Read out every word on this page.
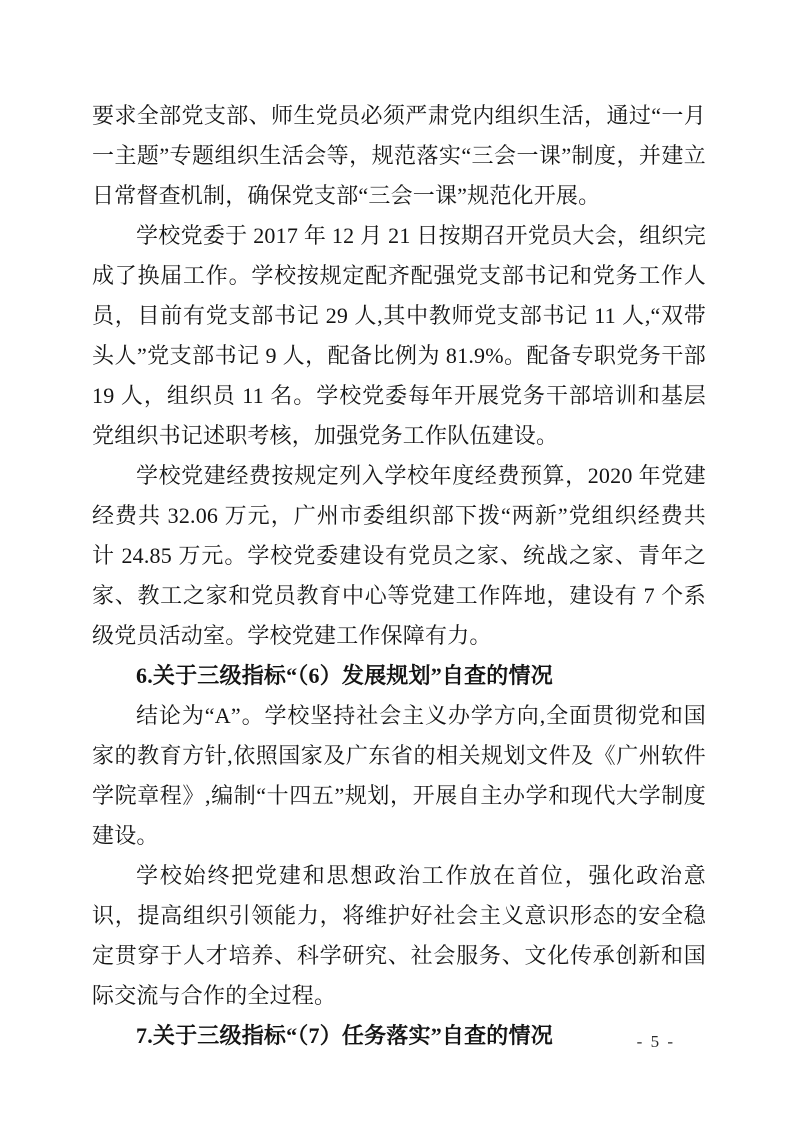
要求全部党支部、师生党员必须严肃党内组织生活，通过“一月一主题”专题组织生活会等，规范落实“三会一课”制度，并建立日常督查机制，确保党支部“三会一课”规范化开展。

学校党委于 2017 年 12 月 21 日按期召开党员大会，组织完成了换届工作。学校按规定配齐配强党支部书记和党务工作人员，目前有党支部书记 29 人,其中教师党支部书记 11 人,“双带头人”党支部书记 9 人，配备比例为 81.9%。配备专职党务干部 19 人，组织员 11 名。学校党委每年开展党务干部培训和基层党组织书记述职考核，加强党务工作队伍建设。

学校党建经费按规定列入学校年度经费预算，2020 年党建经费共 32.06 万元，广州市委组织部下拨“两新”党组织经费共计 24.85 万元。学校党委建设有党员之家、统战之家、青年之家、教工之家和党员教育中心等党建工作阵地，建设有 7 个系级党员活动室。学校党建工作保障有力。

6.关于三级指标“（6）发展规划”自查的情况

结论为“A”。学校坚持社会主义办学方向,全面贯彻党和国家的教育方针,依照国家及广东省的相关规划文件及《广州软件学院章程》,编制“十四五”规划，开展自主办学和现代大学制度建设。

学校始终把党建和思想政治工作放在首位，强化政治意识，提高组织引领能力，将维护好社会主义意识形态的安全稳定贯穿于人才培养、科学研究、社会服务、文化传承创新和国际交流与合作的全过程。

7.关于三级指标“（7）任务落实”自查的情况	- 5 -
